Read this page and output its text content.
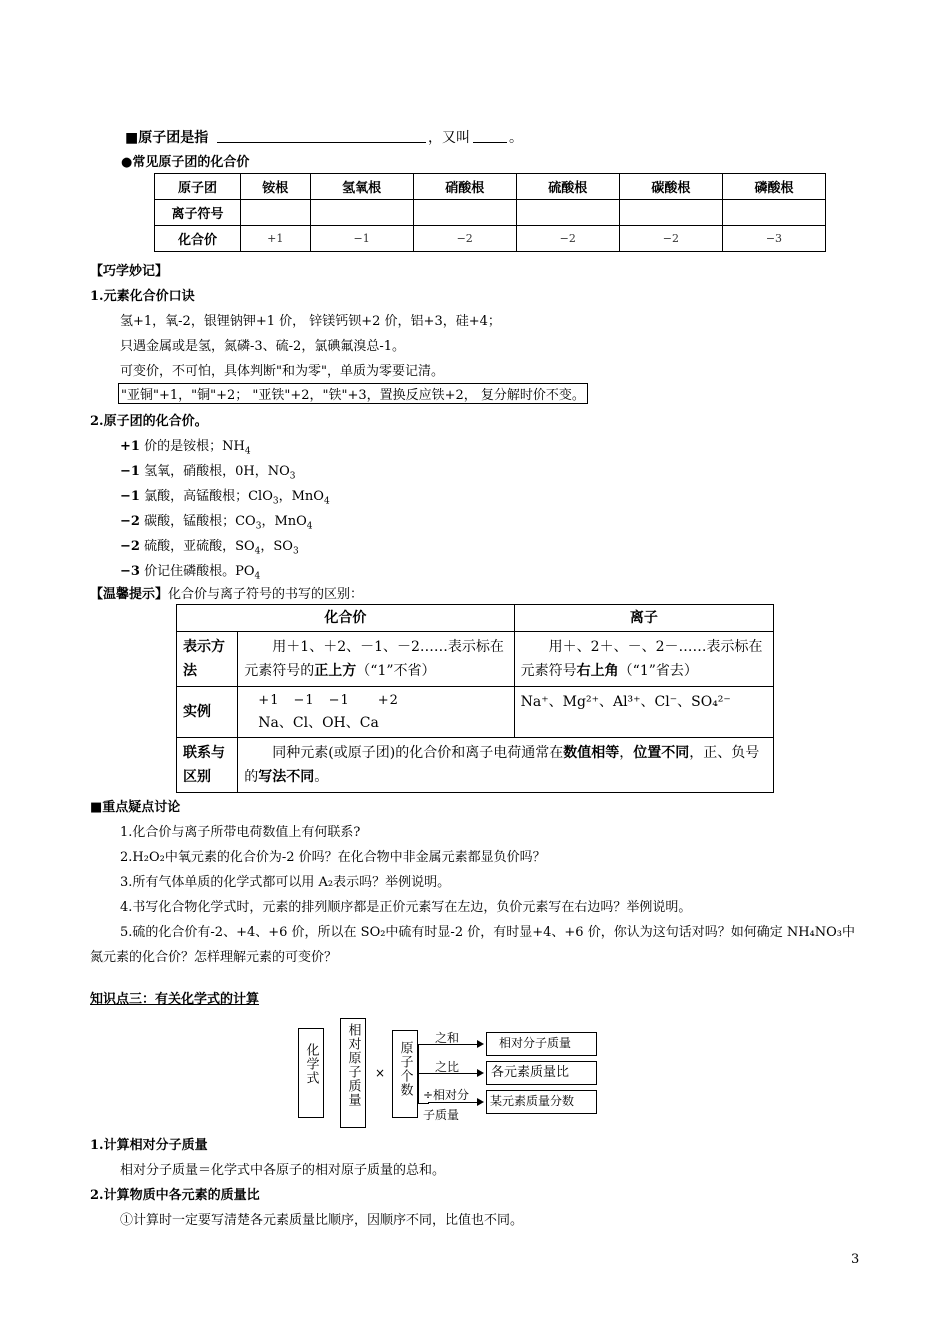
■原子团是指	，又叫	。
●常见原子团的化合价
原子团	铵根	氢氧根	硝酸根	硫酸根	碳酸根	磷酸根
离子符号						
化合价	+1	−1	−2	−2	−2	−3
【巧学妙记】
1.元素化合价口诀
氢+1，氧-2，银锂钠钾+1 价， 锌镁钙钡+2 价，铝+3，硅+4；
只遇金属或是氢，氮磷-3、硫-2，氯碘氟溴总-1。
可变价，不可怕，具体判断"和为零"，单质为零要记清。
"亚铜"+1，"铜"+2； "亚铁"+2，"铁"+3，置换反应铁+2， 复分解时价不变。
2.原子团的化合价。
+1 价的是铵根；$NH_4$
−1 氢氧，硝酸根，0H，$NO_3$
−1 氯酸，高锰酸根；ClO$_3$，MnO$_4$
−2 碳酸，锰酸根；$CO_3$，MnO$_4$
−2 硫酸，亚硫酸，$SO_4$，$SO_3$
−3 价记住磷酸根。$PO_4$
【温馨提示】化合价与离子符号的书写的区别：
化合价		离子
表示方法	　　用＋1、＋2、－1、－2……表示标在元素符号的正上方（“1”不省）	　　用＋、2＋、－、2－……表示标在元素符号右上角（“1”省去）
实例	+1　−1　−1　　+2
Na、Cl、OH、Ca	Na⁺、Mg²⁺、Al³⁺、Cl⁻、SO₄²⁻
联系与区别	　　同种元素(或原子团)的化合价和离子电荷通常在数值相等，位置不同，正、负号的写法不同。	
■重点疑点讨论
1.化合价与离子所带电荷数值上有何联系?
2.H₂O₂中氧元素的化合价为-2 价吗？在化合物中非金属元素都显负价吗？
3.所有气体单质的化学式都可以用 A₂表示吗？举例说明。
4.书写化合物化学式时，元素的排列顺序都是正价元素写在左边，负价元素写在右边吗？举例说明。
5.硫的化合价有-2、+4、+6 价，所以在 SO₂中硫有时显-2 价，有时显+4、+6 价，你认为这句话对吗？如何确定 NH₄NO₃中
氮元素的化合价？怎样理解元素的可变价？
知识点三：有关化学式的计算
化学式 相对原子质量 × 原子个数
之和
之比
÷相对分
子质量
相对分子质量
各元素质量比
某元素质量分数
1.计算相对分子质量
相对分子质量＝化学式中各原子的相对原子质量的总和。
2.计算物质中各元素的质量比
①计算时一定要写清楚各元素质量比顺序，因顺序不同，比值也不同。
3
